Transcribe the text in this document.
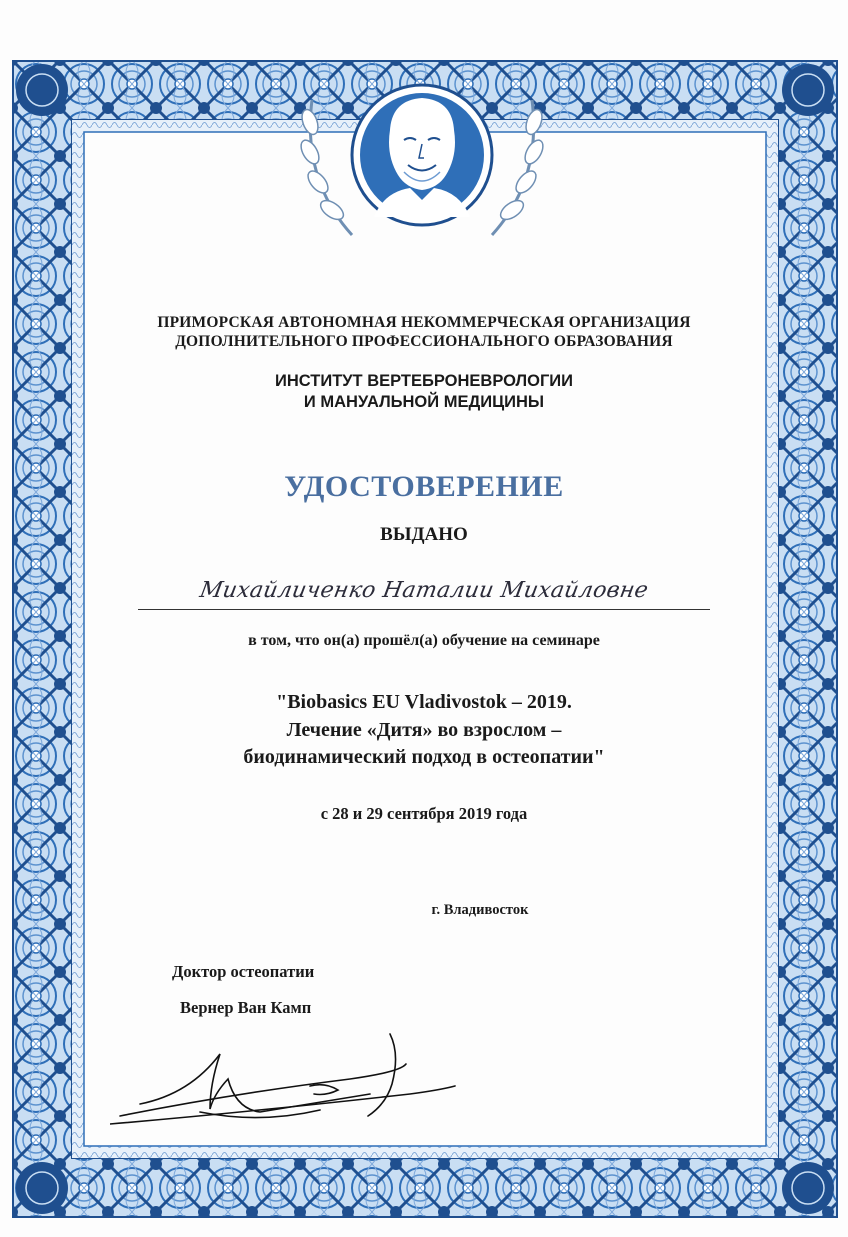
ПРИМОРСКАЯ АВТОНОМНАЯ НЕКОММЕРЧЕСКАЯ ОРГАНИЗАЦИЯ
ДОПОЛНИТЕЛЬНОГО ПРОФЕССИОНАЛЬНОГО ОБРАЗОВАНИЯ
ИНСТИТУТ ВЕРТЕБРОНЕВРОЛОГИИ
И МАНУАЛЬНОЙ МЕДИЦИНЫ
УДОСТОВЕРЕНИЕ
ВЫДАНО
Михайличенко Наталии Михайловне
в том, что он(а) прошёл(а) обучение на семинаре
"Biobasics EU Vladivostok – 2019.
Лечение «Дитя» во взрослом –
биодинамический подход в остеопатии"
с 28 и 29 сентября 2019 года
г. Владивосток
Доктор остеопатии
Вернер Ван Камп
